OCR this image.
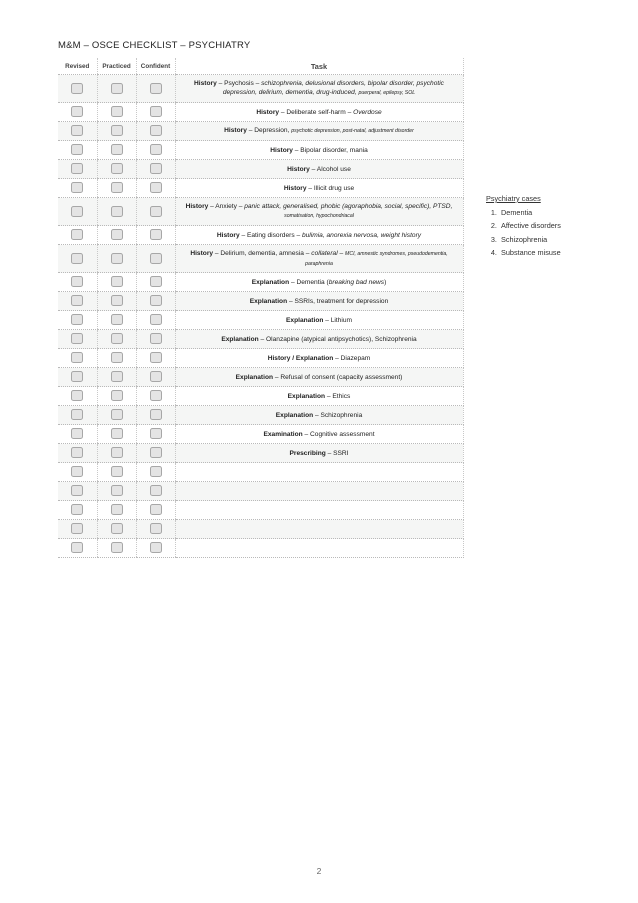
M&M – OSCE CHECKLIST – PSYCHIATRY
Revised	Practiced	Confident	Task
			History – Psychosis – schizophrenia, delusional disorders, bipolar disorder, psychotic depression, delirium, dementia, drug-induced, puerperal, epilepsy, SOL
			History – Deliberate self-harm – Overdose
			History – Depression, psychotic depression, post-natal, adjustment disorder
			History – Bipolar disorder, mania
			History – Alcohol use
			History – Illicit drug use
			History – Anxiety – panic attack, generalised, phobic (agoraphobia, social, specific), PTSD, somatisation, hypochondriacal
			History – Eating disorders – bulimia, anorexia nervosa, weight history
			History – Delirium, dementia, amnesia – collateral – MCI, amnestic syndromes, pseudodementia, paraphrenia
			Explanation – Dementia (breaking bad news)
			Explanation – SSRIs, treatment for depression
			Explanation – Lithium
			Explanation – Olanzapine (atypical antipsychotics), Schizophrenia
			History / Explanation – Diazepam
			Explanation – Refusal of consent (capacity assessment)
			Explanation – Ethics
			Explanation – Schizophrenia
			Examination – Cognitive assessment
			Prescribing – SSRI

Psychiatry cases
1. Dementia
2. Affective disorders
3. Schizophrenia
4. Substance misuse
2
